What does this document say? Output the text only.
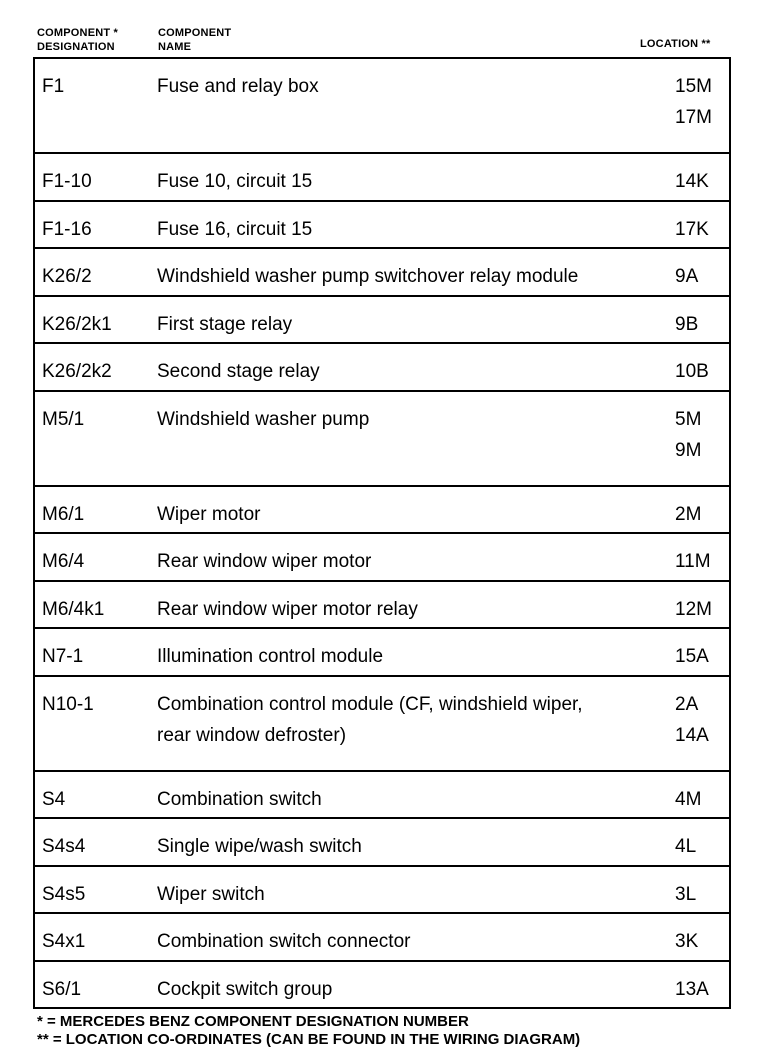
COMPONENT *
DESIGNATION
COMPONENT
NAME	LOCATION **
F1	Fuse and relay box	15M
17M
F1-10	Fuse 10, circuit 15	14K
F1-16	Fuse 16, circuit 15	17K
K26/2	Windshield washer pump switchover relay module	9A
K26/2k1 First stage relay	9B
K26/2k2 Second stage relay	10B
M5/1	Windshield washer pump	5M
9M
M6/1	Wiper motor	2M
M6/4	Rear window wiper motor	11M
M6/4k1	Rear window wiper motor relay	12M
N7-1	Illumination control module	15A
N10-1	Combination control module (CF, windshield wiper,
rear window defroster)
2A
14A
S4	Combination switch	4M
S4s4	Single wipe/wash switch	4L
S4s5	Wiper switch	3L
S4x1	Combination switch connector	3K
S6/1	Cockpit switch group	13A
* = MERCEDES BENZ COMPONENT DESIGNATION NUMBER
** = LOCATION CO-ORDINATES (CAN BE FOUND IN THE WIRING DIAGRAM)
